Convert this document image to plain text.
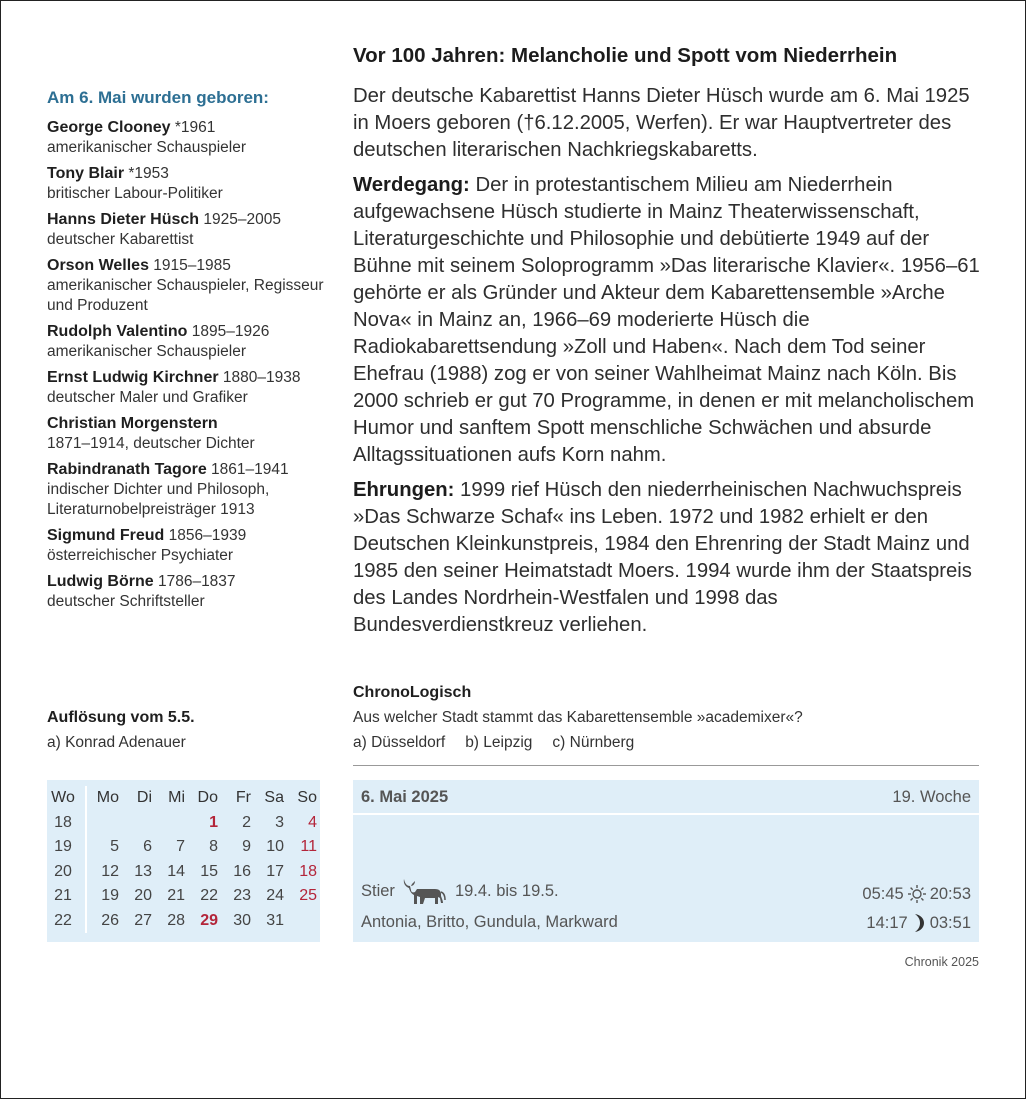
Vor 100 Jahren: Melancholie und Spott vom Niederrhein

Der deutsche Kabarettist Hanns Dieter Hüsch wurde am 6. Mai 1925 in Moers geboren (†6.12.2005, Werfen). Er war Hauptvertreter des deutschen literarischen Nachkriegskabaretts.

Werdegang: Der in protestantischem Milieu am Niederrhein aufgewachsene Hüsch studierte in Mainz Theaterwissenschaft, Literaturgeschichte und Philosophie und debütierte 1949 auf der Bühne mit seinem Soloprogramm »Das literarische Klavier«. 1956–61 gehörte er als Gründer und Akteur dem Kabarettensemble »Arche Nova« in Mainz an, 1966–69 moderierte Hüsch die Radiokabarettsendung »Zoll und Haben«. Nach dem Tod seiner Ehefrau (1988) zog er von seiner Wahlheimat Mainz nach Köln. Bis 2000 schrieb er gut 70 Programme, in denen er mit melancholischem Humor und sanftem Spott menschliche Schwächen und absurde Alltagssituationen aufs Korn nahm.

Ehrungen: 1999 rief Hüsch den niederrheinischen Nachwuchspreis »Das Schwarze Schaf« ins Leben. 1972 und 1982 erhielt er den Deutschen Kleinkunstpreis, 1984 den Ehrenring der Stadt Mainz und 1985 den seiner Heimatstadt Moers. 1994 wurde ihm der Staatspreis des Landes Nordrhein-Westfalen und 1998 das Bundesverdienstkreuz verliehen.

Am 6. Mai wurden geboren:
George Clooney *1961
amerikanischer Schauspieler
Tony Blair *1953
britischer Labour-Politiker
Hanns Dieter Hüsch 1925–2005
deutscher Kabarettist
Orson Welles 1915–1985
amerikanischer Schauspieler, Regisseur und Produzent
Rudolph Valentino 1895–1926
amerikanischer Schauspieler
Ernst Ludwig Kirchner 1880–1938
deutscher Maler und Grafiker
Christian Morgenstern
1871–1914, deutscher Dichter
Rabindranath Tagore 1861–1941
indischer Dichter und Philosoph, Literaturnobelpreisträger 1913
Sigmund Freud 1856–1939
österreichischer Psychiater
Ludwig Börne 1786–1837
deutscher Schriftsteller
ChronoLogisch
Aus welcher Stadt stammt das Kabarettensemble »academixer«?
a) Düsseldorf b) Leipzig c) Nürnberg
Auflösung vom 5.5.
a) Konrad Adenauer
Wo	Mo	Di	Mi	Do	Fr	Sa	So
18				1	2	3	4
19	5	6	7	8	9	10	11
20	12	13	14	15	16	17	18
21	19	20	21	22	23	24	25
22	26	27	28	29	30	31	
6. Mai 2025	19. Woche
Stier	19.4. bis 19.5.
Antonia, Britto, Gundula, Markward
05:45 20:53
14:17 03:51
Chronik 2025
